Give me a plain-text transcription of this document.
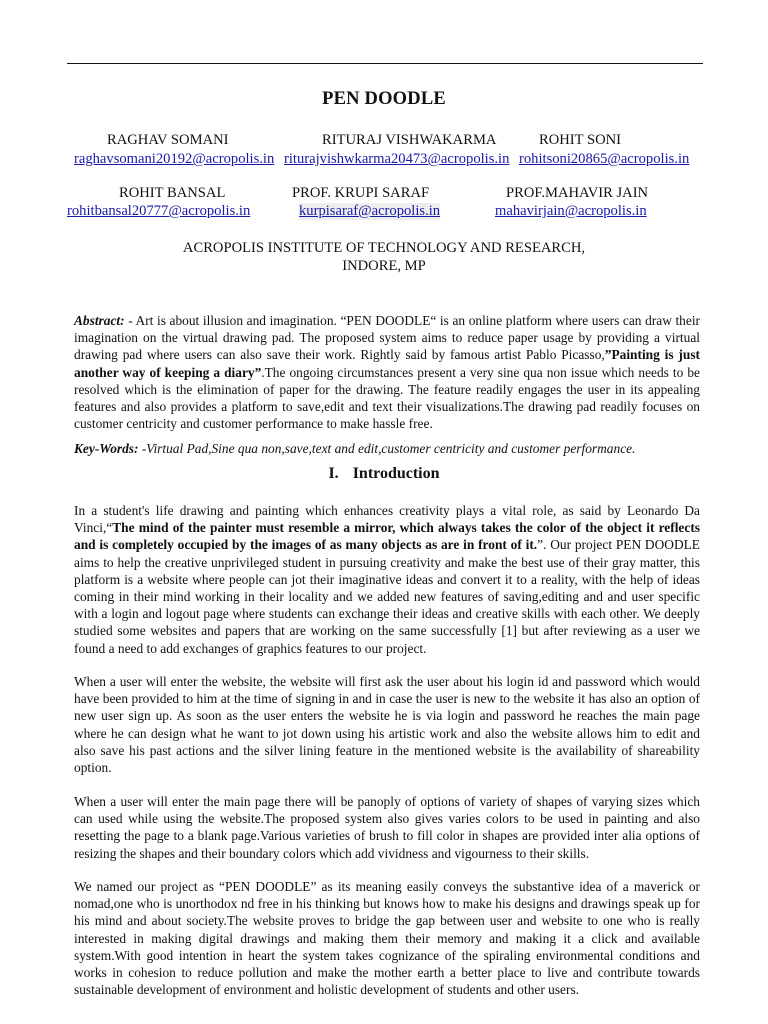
PEN DOODLE
RAGHAV SOMANI	RITURAJ VISHWAKARMA	ROHIT SONI
raghavsomani20192@acropolis.in riturajvishwkarma20473@acropolis.in rohitsoni20865@acropolis.in
ROHIT BANSAL	PROF. KRUPI SARAF	PROF.MAHAVIR JAIN
rohitbansal20777@acropolis.in	kurpisaraf@acropolis.in	mahavirjain@acropolis.in
ACROPOLIS INSTITUTE OF TECHNOLOGY AND RESEARCH,
INDORE, MP

Abstract: - Art is about illusion and imagination. “PEN DOODLE“ is an online platform where users can draw their imagination on the virtual drawing pad. The proposed system aims to reduce paper usage by providing a virtual drawing pad where users can also save their work. Rightly said by famous artist Pablo Picasso,”Painting is just another way of keeping a diary”.The ongoing circumstances present a very sine qua non issue which needs to be resolved which is the elimination of paper for the drawing. The feature readily engages the user in its appealing features and also provides a platform to save,edit and text their visualizations.The drawing pad readily focuses on customer centricity and customer performance to make hassle free.

Key-Words: -Virtual Pad,Sine qua non,save,text and edit,customer centricity and customer performance.

I. Introduction

In a student's life drawing and painting which enhances creativity plays a vital role, as said by Leonardo Da Vinci,“The mind of the painter must resemble a mirror, which always takes the color of the object it reflects and is completely occupied by the images of as many objects as are in front of it.”. Our project PEN DOODLE aims to help the creative unprivileged student in pursuing creativity and make the best use of their gray matter, this platform is a website where people can jot their imaginative ideas and convert it to a reality, with the help of ideas coming in their mind working in their locality and we added new features of saving,editing and and user specific with a login and logout page where students can exchange their ideas and creative skills with each other. We deeply studied some websites and papers that are working on the same successfully [1] but after reviewing as a user we found a need to add exchanges of graphics features to our project.

When a user will enter the website, the website will first ask the user about his login id and password which would have been provided to him at the time of signing in and in case the user is new to the website it has also an option of new user sign up. As soon as the user enters the website he is via login and password he reaches the main page where he can design what he want to jot down using his artistic work and also the website allows him to edit and also save his past actions and the silver lining feature in the mentioned website is the availability of shareability option.

When a user will enter the main page there will be panoply of options of variety of shapes of varying sizes which can used while using the website.The proposed system also gives varies colors to be used in painting and also resetting the page to a blank page.Various varieties of brush to fill color in shapes are provided inter alia options of resizing the shapes and their boundary colors which add vividness and vigourness to their skills.

We named our project as “PEN DOODLE” as its meaning easily conveys the substantive idea of a maverick or nomad,one who is unorthodox nd free in his thinking but knows how to make his designs and drawings speak up for his mind and about society.The website proves to bridge the gap between user and website to one who is really interested in making digital drawings and making them their memory and making it a click and available system.With good intention in heart the system takes cognizance of the spiraling environmental conditions and works in cohesion to reduce pollution and make the mother earth a better place to live and contribute towards sustainable development of environment and holistic development of students and other users.
